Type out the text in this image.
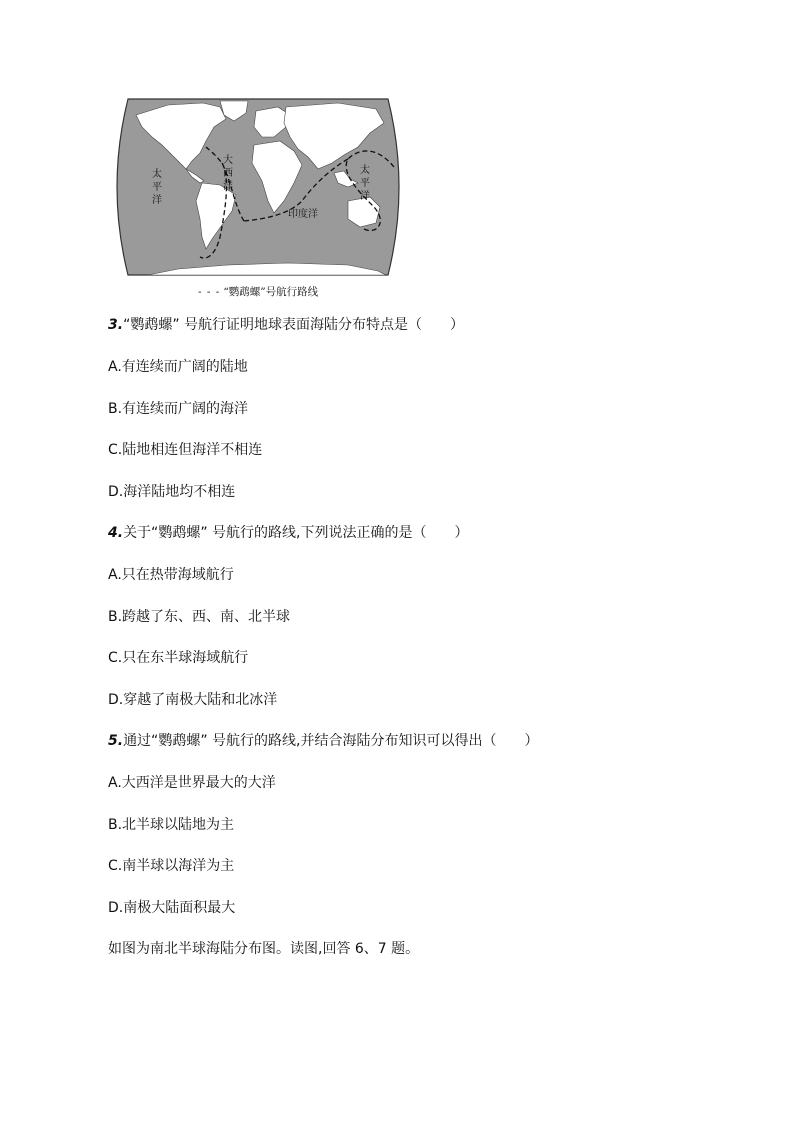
太
平
洋
大
西
洋
太
平
洋
印度洋
- - - “鹦鹉螺”号航行路线
3.“鹦鹉螺” 号航行证明地球表面海陆分布特点是（　　）
A.有连续而广阔的陆地
B.有连续而广阔的海洋
C.陆地相连但海洋不相连
D.海洋陆地均不相连
4.关于“鹦鹉螺” 号航行的路线,下列说法正确的是（　　）
A.只在热带海域航行
B.跨越了东、西、南、北半球
C.只在东半球海域航行
D.穿越了南极大陆和北冰洋
5.通过“鹦鹉螺” 号航行的路线,并结合海陆分布知识可以得出（　　）
A.大西洋是世界最大的大洋
B.北半球以陆地为主
C.南半球以海洋为主
D.南极大陆面积最大
如图为南北半球海陆分布图。读图,回答 6、7 题。
